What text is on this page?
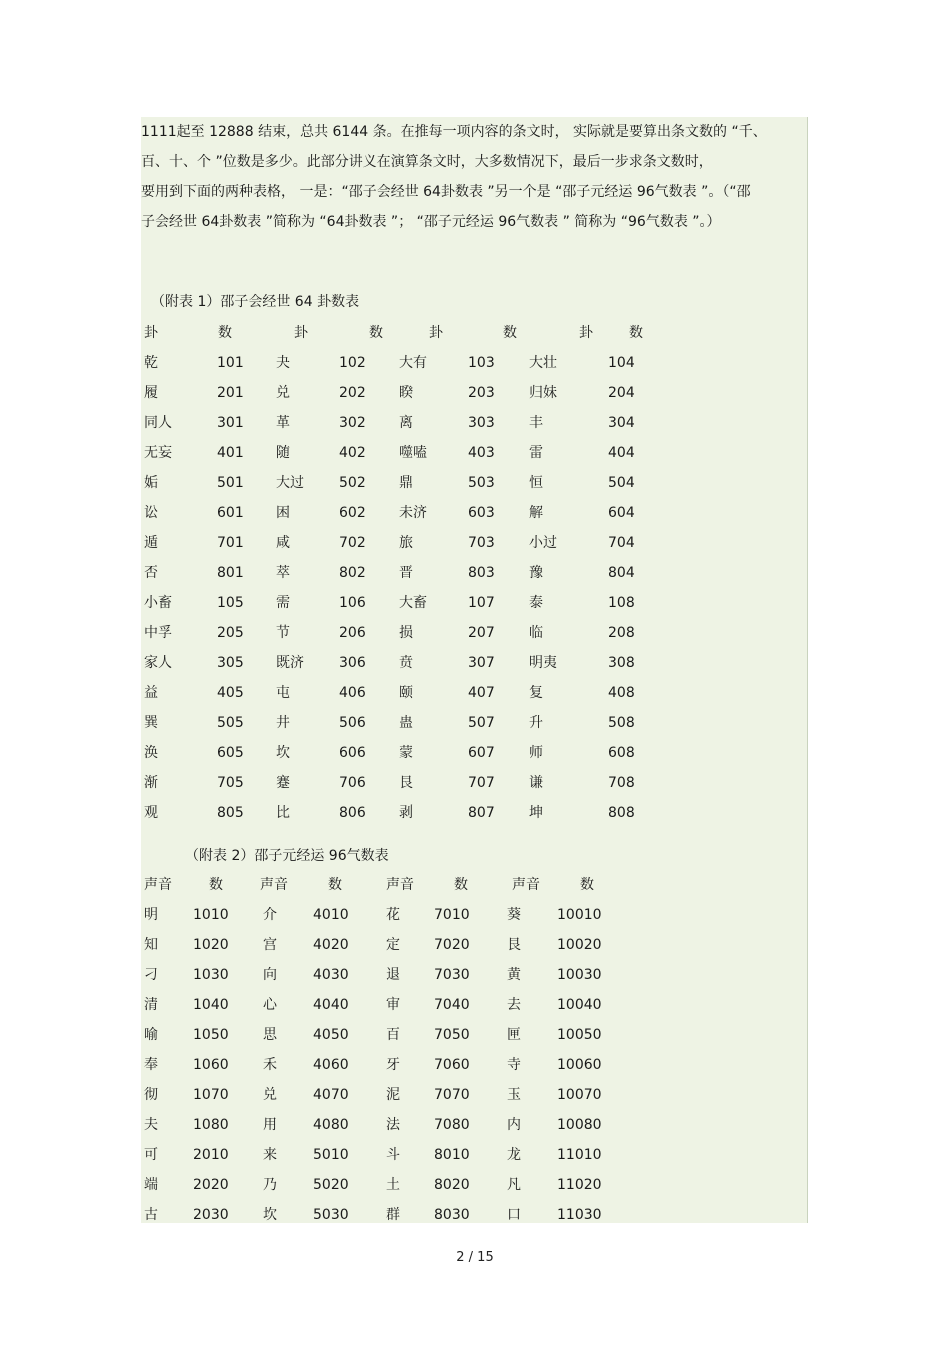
1111起至 12888 结束，总共 6144 条。在推每一项内容的条文时， 实际就是要算出条文数的 “千、
百、十、个 ”位数是多少。此部分讲义在演算条文时，大多数情况下，最后一步求条文数时，
要用到下面的两种表格， 一是：“邵子会经世 64卦数表 ”另一个是 “邵子元经运 96气数表 ”。（“邵
子会经世 64卦数表 ”简称为 “64卦数表 ”； “邵子元经运 96气数表 ” 简称为 “96气数表 ”。）
（附表 1）邵子会经世 64 卦数表
卦	数	卦	数	卦	数	卦	数
乾	101 夬	102 大有	103 大壮	104
履	201 兑	202 睽	203 归妹	204
同人	301 革	302 离	303 丰	304
无妄	401 随	402 噬嗑	403 雷	404
姤	501 大过	502 鼎	503 恒	504
讼	601 困	602 未济	603 解	604
遁	701 咸	702 旅	703 小过	704
否	801 萃	802 晋	803 豫	804
小畜	105 需	106 大畜	107 泰	108
中孚	205 节	206 损	207 临	208
家人	305 既济	306 贲	307 明夷	308
益	405 屯	406 颐	407 复	408
巽	505 井	506 蛊	507 升	508
涣	605 坎	606 蒙	607 师	608
渐	705 蹇	706 艮	707 谦	708
观	805 比	806 剥	807 坤	808
（附表 2）邵子元经运 96气数表
声音	数	声音	数	声音	数	声音	数
明	1010 介	4010	花 7010	葵	10010
知	1020 宫	4020	定 7020	艮	10020
刁	1030 向	4030	退 7030	黄	10030
清	1040 心	4040	审 7040	去	10040
喻	1050 思	4050	百 7050	匣	10050
奉	1060 禾	4060	牙 7060	寺	10060
彻	1070 兑	4070	泥 7070	玉	10070
夫	1080 用	4080	法 7080	内	10080
可	2010 来	5010	斗 8010	龙	11010
端	2020 乃	5020	土 8020	凡	11020
古	2030 坎	5030	群 8030	口	11030
2 / 15
